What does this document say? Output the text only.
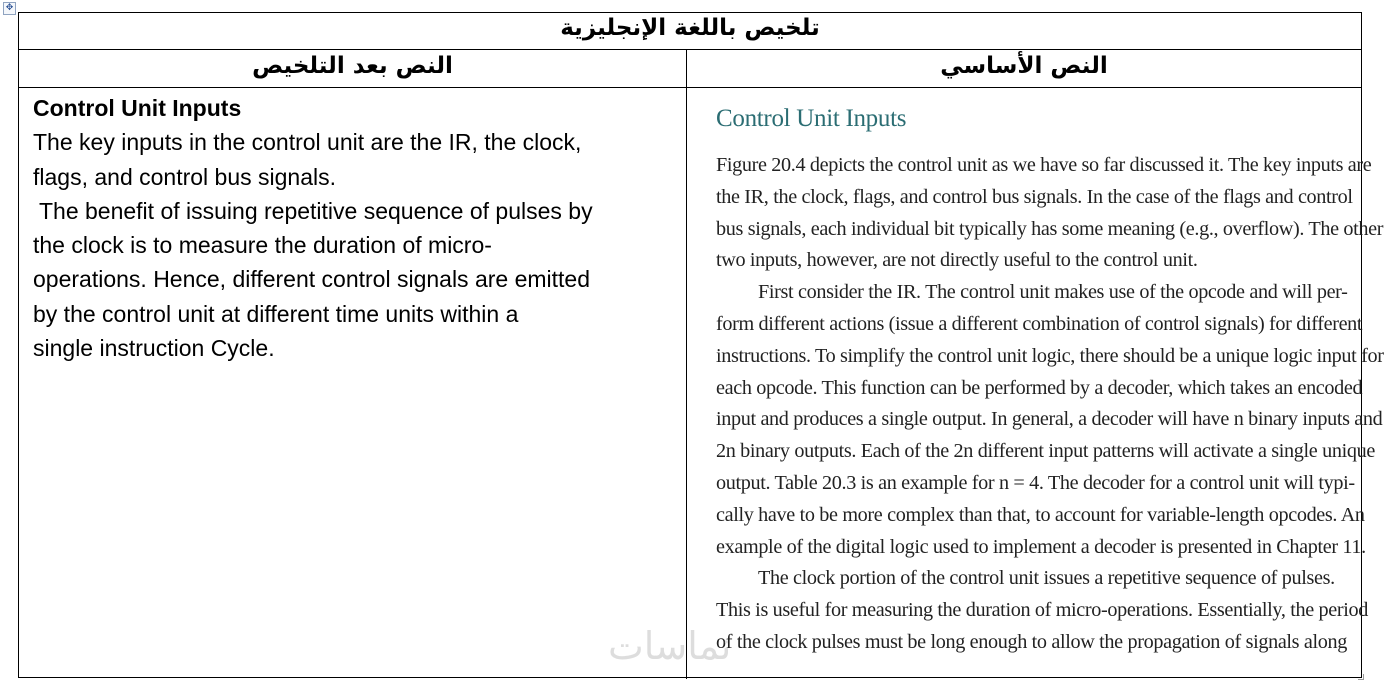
✥
تلخيص باللغة الإنجليزية
النص بعد التلخيص	النص الأساسي
Control Unit Inputs
The key inputs in the control unit are the IR, the clock,
flags, and control bus signals.
The benefit of issuing repetitive sequence of pulses by
the clock is to measure the duration of micro-
operations. Hence, different control signals are emitted
by the control unit at different time units within a
single instruction Cycle.
Control Unit Inputs
Figure 20.4 depicts the control unit as we have so far discussed it. The key inputs are
the IR, the clock, flags, and control bus signals. In the case of the flags and control
bus signals, each individual bit typically has some meaning (e.g., overflow). The other
two inputs, however, are not directly useful to the control unit.
First consider the IR. The control unit makes use of the opcode and will per-
form different actions (issue a different combination of control signals) for different
instructions. To simplify the control unit logic, there should be a unique logic input for
each opcode. This function can be performed by a decoder, which takes an encoded
input and produces a single output. In general, a decoder will have n binary inputs and
2n binary outputs. Each of the 2n different input patterns will activate a single unique
output. Table 20.3 is an example for n = 4. The decoder for a control unit will typi-
cally have to be more complex than that, to account for variable-length opcodes. An
example of the digital logic used to implement a decoder is presented in Chapter 11.
The clock portion of the control unit issues a repetitive sequence of pulses.
This is useful for measuring the duration of micro-operations. Essentially, the period
of the clock pulses must be long enough to allow the propagation of signals along
نماسات
